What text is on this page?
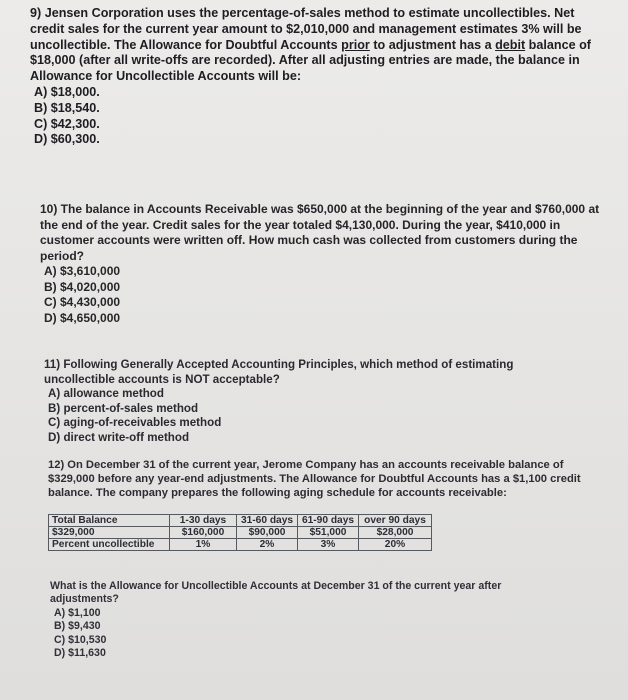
9) Jensen Corporation uses the percentage-of-sales method to estimate uncollectibles. Net credit sales for the current year amount to $2,010,000 and management estimates 3% will be uncollectible. The Allowance for Doubtful Accounts prior to adjustment has a debit balance of $18,000 (after all write-offs are recorded). After all adjusting entries are made, the balance in Allowance for Uncollectible Accounts will be:

A) $18,000.
B) $18,540.
C) $42,300.
D) $60,300.

10) The balance in Accounts Receivable was $650,000 at the beginning of the year and $760,000 at the end of the year. Credit sales for the year totaled $4,130,000. During the year, $410,000 in customer accounts were written off. How much cash was collected from customers during the period?

A) $3,610,000
B) $4,020,000
C) $4,430,000
D) $4,650,000

11) Following Generally Accepted Accounting Principles, which method of estimating uncollectible accounts is NOT acceptable?

A) allowance method
B) percent-of-sales method
C) aging-of-receivables method
D) direct write-off method

12) On December 31 of the current year, Jerome Company has an accounts receivable balance of $329,000 before any year-end adjustments. The Allowance for Doubtful Accounts has a $1,100 credit balance. The company prepares the following aging schedule for accounts receivable:

Total Balance	1-30 days	31-60 days	61-90 days	over 90 days
$329,000	$160,000	$90,000	$51,000	$28,000
Percent uncollectible	1%	2%	3%	20%

What is the Allowance for Uncollectible Accounts at December 31 of the current year after adjustments?

A) $1,100
B) $9,430
C) $10,530
D) $11,630
